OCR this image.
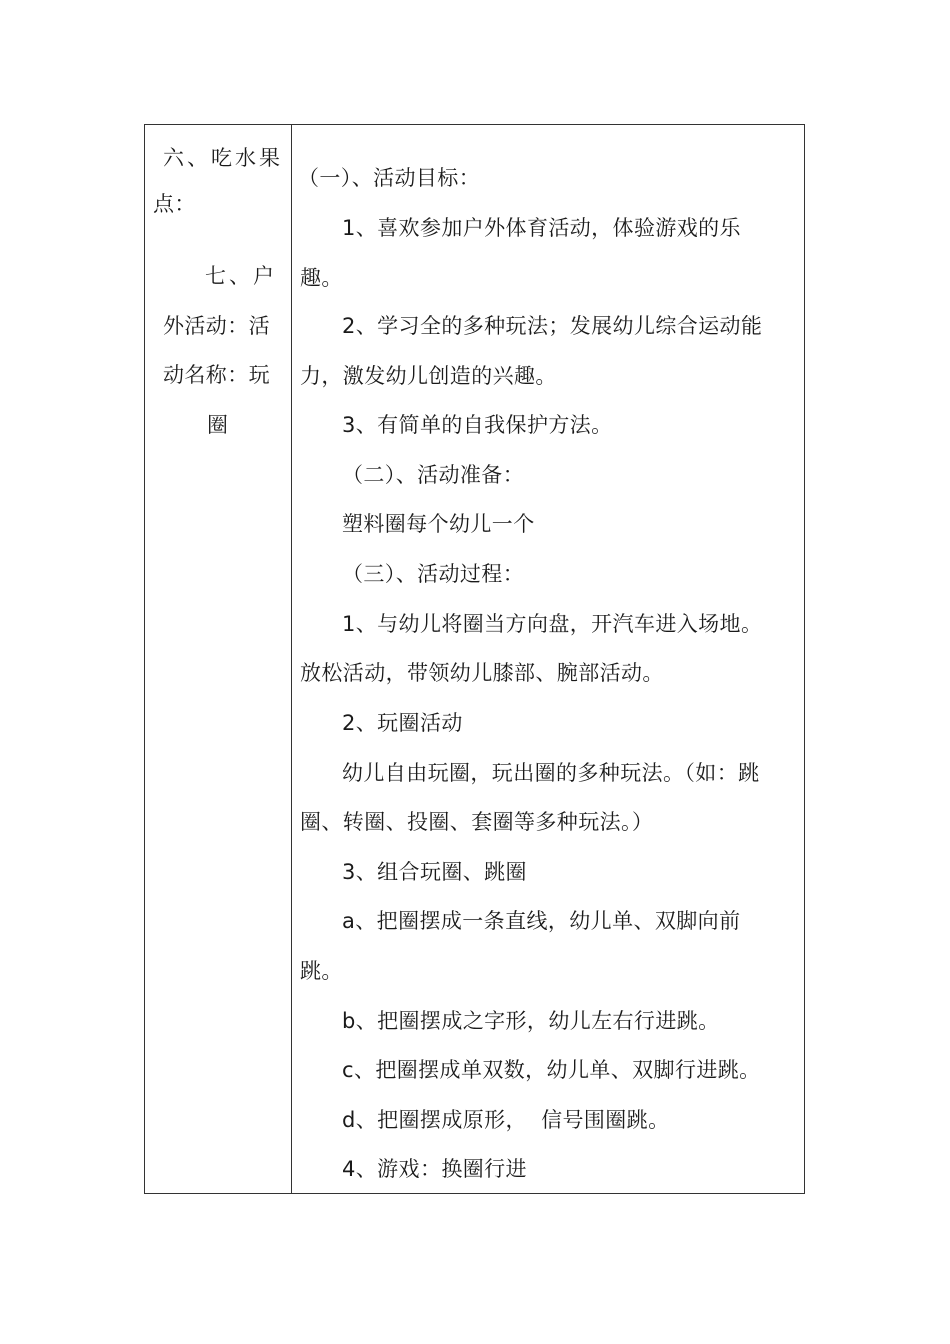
六、吃水果
点：
七、户
外活动：活
动名称：玩
圈
（一）、活动目标：
1、喜欢参加户外体育活动，体验游戏的乐
趣。
2、学习全的多种玩法；发展幼儿综合运动能
力，激发幼儿创造的兴趣。
3、有简单的自我保护方法。
（二）、活动准备：
塑料圈每个幼儿一个
（三）、活动过程：
1、与幼儿将圈当方向盘，开汽车进入场地。
放松活动，带领幼儿膝部、腕部活动。
2、玩圈活动
幼儿自由玩圈，玩出圈的多种玩法。（如：跳
圈、转圈、投圈、套圈等多种玩法。）
3、组合玩圈、跳圈
a、把圈摆成一条直线，幼儿单、双脚向前
跳。
b、把圈摆成之字形，幼儿左右行进跳。
c、把圈摆成单双数，幼儿单、双脚行进跳。
d、把圈摆成原形，  信号围圈跳。
4、游戏：换圈行进
